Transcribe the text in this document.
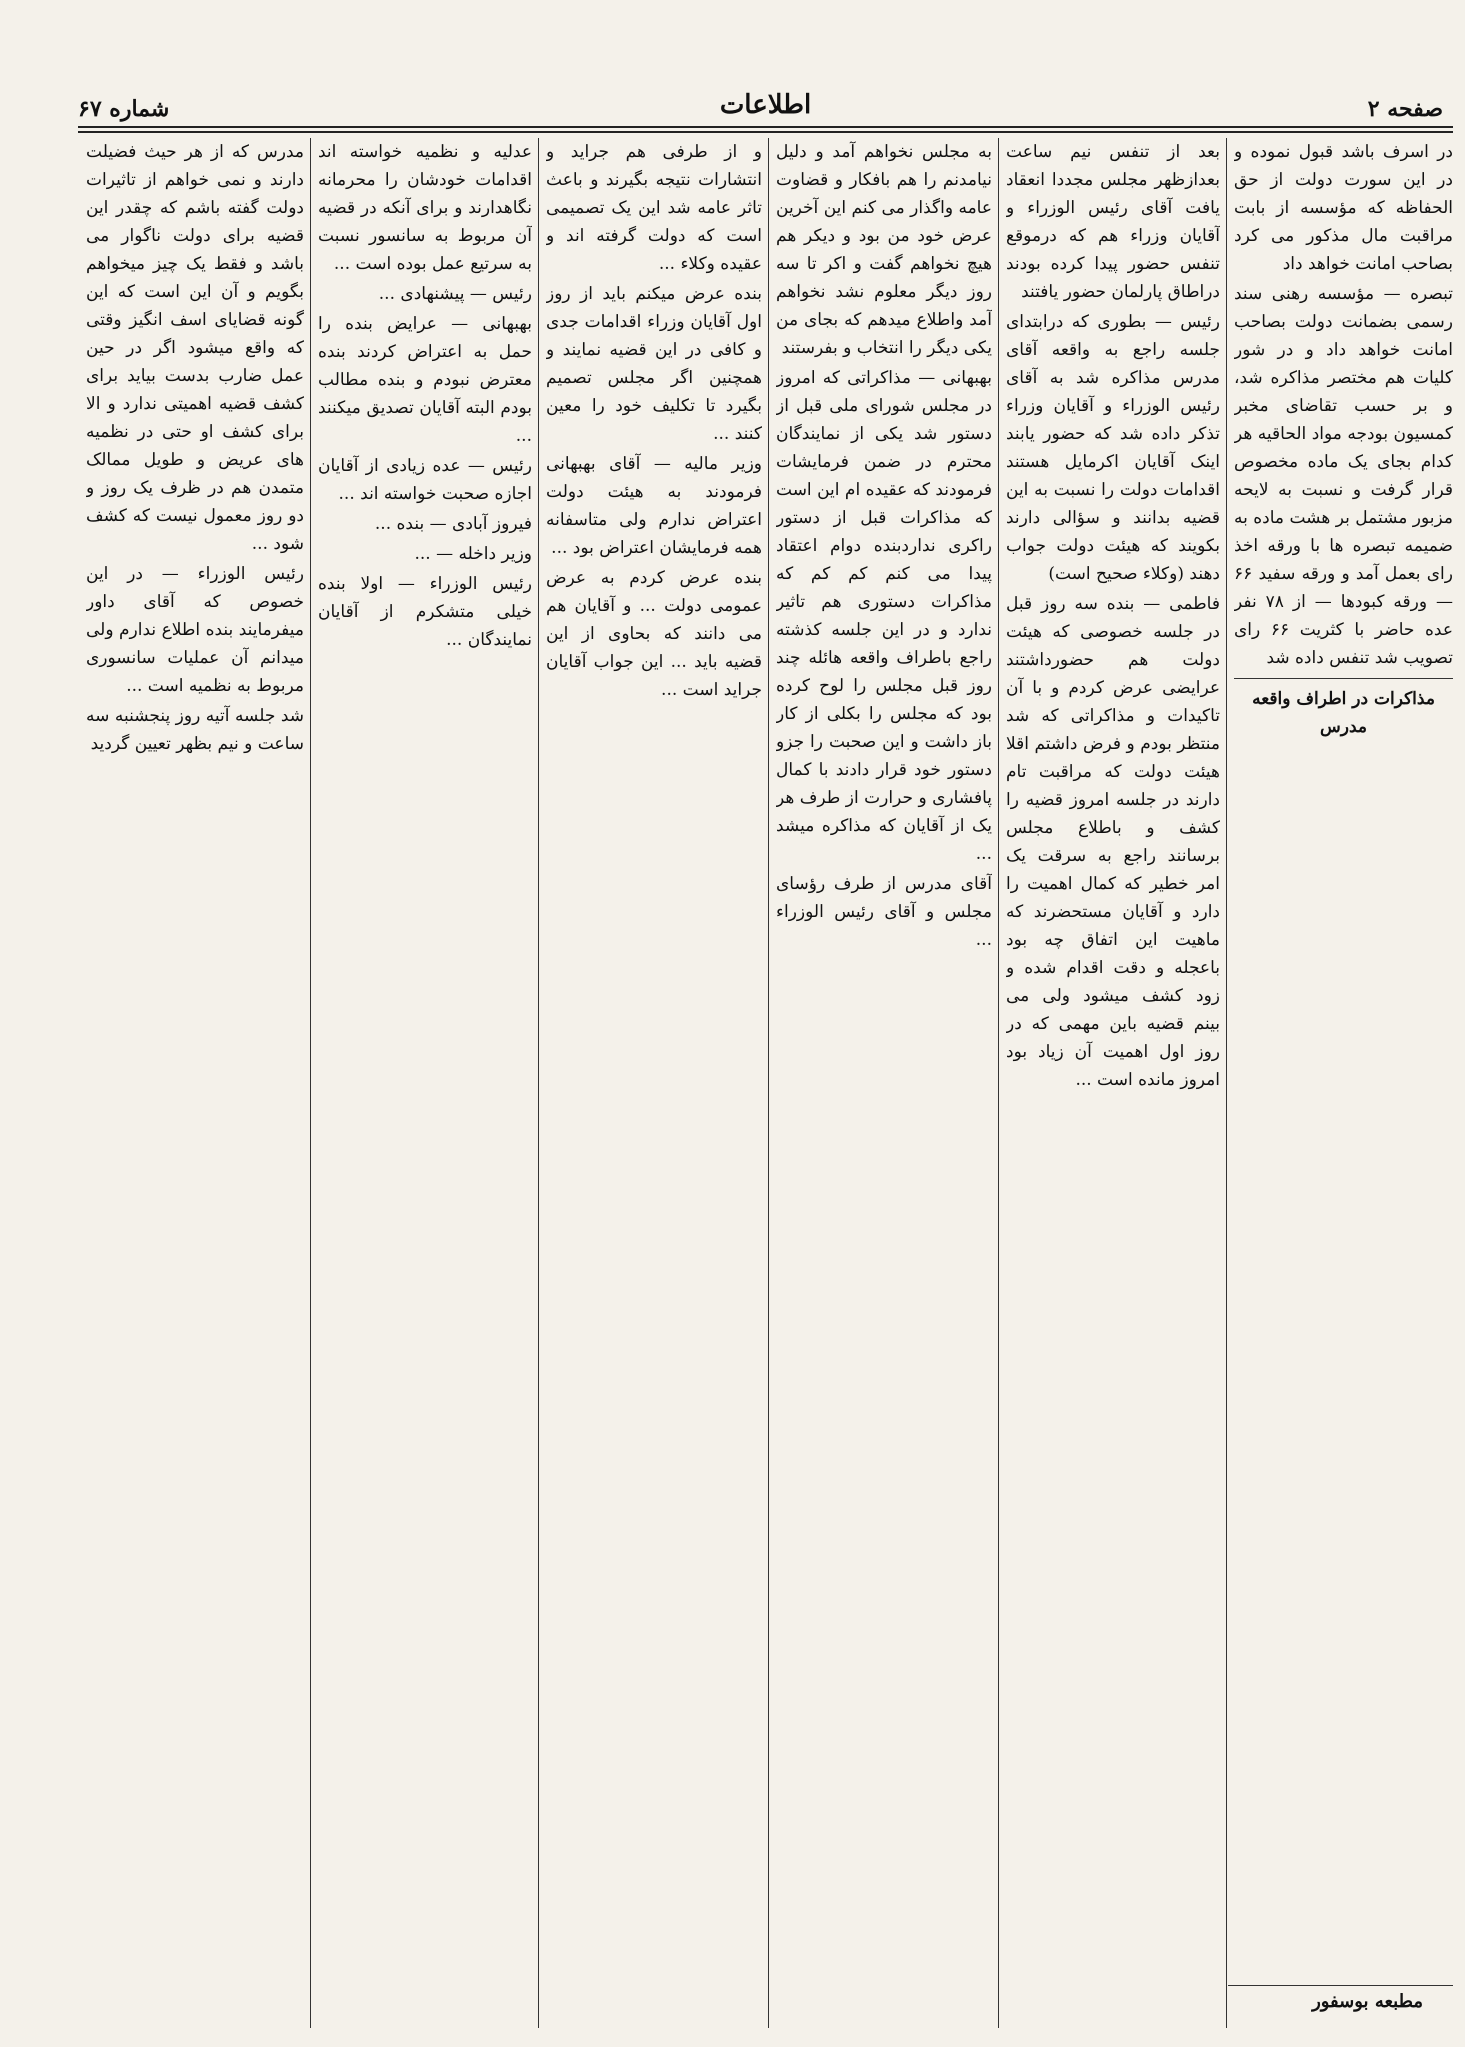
صفحه ۲
اطلاعات
شماره ۶۷

در اسرف باشد قبول نموده و در این سورت دولت از حق الحفاظه که مؤسسه از بابت مراقبت مال مذکور می کرد بصاحب امانت خواهد داد

تبصره — مؤسسه رهنی سند رسمی بضمانت دولت بصاحب امانت خواهد داد و در شور کلیات هم مختصر مذاکره شد، و بر حسب تقاضای مخبر کمسیون بودجه مواد الحاقیه هر کدام بجای یک ماده مخصوص قرار گرفت و نسبت به لایحه مزبور مشتمل بر هشت ماده به ضمیمه تبصره ها با ورقه اخذ رای بعمل آمد و ورقه سفید ۶۶ — ورقه کبودها — از ۷۸ نفر عده حاضر با کثریت ۶۶ رای تصویب شد تنفس داده شد

مذاکرات در اطراف واقعه مدرس

بعد از تنفس نیم ساعت بعدازظهر مجلس مجددا انعقاد یافت آقای رئیس الوزراء و آقایان وزراء هم که درموقع تنفس حضور پیدا کرده بودند دراطاق پارلمان حضور یافتند

رئیس — بطوری که درابتدای جلسه راجع به واقعه آقای مدرس مذاکره شد به آقای رئیس الوزراء و آقایان وزراء تذکر داده شد که حضور یابند اینک آقایان اکرمایل هستند اقدامات دولت را نسبت به این قضیه بدانند و سؤالی دارند بکویند که هیئت دولت جواب دهند (وکلاء صحیح است)

فاطمی — بنده سه روز قبل در جلسه خصوصی که هیئت دولت هم حضورداشتند عرایضی عرض کردم و با آن تاکیدات و مذاکراتی که شد منتظر بودم و فرض داشتم اقلا هیئت دولت که مراقبت تام دارند در جلسه امروز قضیه را کشف و باطلاع مجلس برسانند راجع به سرقت یک امر خطیر که کمال اهمیت را دارد و آقایان مستحضرند که ماهیت این اتفاق چه بود باعجله و دقت اقدام شده و زود کشف میشود ولی می بینم قضیه باین مهمی که در روز اول اهمیت آن زیاد بود امروز مانده است ...

به مجلس نخواهم آمد و دلیل نیامدنم را هم بافکار و قضاوت عامه واگذار می کنم این آخرین عرض خود من بود و دیکر هم هیچ نخواهم گفت و اکر تا سه روز دیگر معلوم نشد نخواهم آمد واطلاع میدهم که بجای من یکی دیگر را انتخاب و بفرستند

بهبهانی — مذاکراتی که امروز در مجلس شورای ملی قبل از دستور شد یکی از نمایندگان محترم در ضمن فرمایشات فرمودند که عقیده ام این است که مذاکرات قبل از دستور راکری نداردبنده دوام اعتقاد پیدا می کنم کم کم که مذاکرات دستوری هم تاثیر ندارد و در این جلسه کذشته راجع باطراف واقعه هائله چند روز قبل مجلس را لوح کرده بود که مجلس را بکلی از کار باز داشت و این صحبت را جزو دستور خود قرار دادند با کمال پافشاری و حرارت از طرف هر یک از آقایان که مذاکره میشد ...

آقای مدرس از طرف رؤسای مجلس و آقای رئیس الوزراء ...

و از طرفی هم جراید و انتشارات نتیجه بگیرند و باعث تاثر عامه شد این یک تصمیمی است که دولت گرفته اند و عقیده وکلاء ...

بنده عرض میکنم باید از روز اول آقایان وزراء اقدامات جدی و کافی در این قضیه نمایند و همچنین اگر مجلس تصمیم بگیرد تا تکلیف خود را معین کنند ...

وزیر مالیه — آقای بهبهانی فرمودند به هیئت دولت اعتراض ندارم ولی متاسفانه همه فرمایشان اعتراض بود ...

بنده عرض کردم به عرض عمومی دولت ... و آقایان هم می دانند که بحاوی از این قضیه باید ... این جواب آقایان جراید است ...

عدلیه و نظمیه خواسته اند اقدامات خودشان را محرمانه نگاهدارند و برای آنکه در قضیه آن مربوط به سانسور نسبت به سرتیع عمل بوده است ...

رئیس — پیشنهادی ...

بهبهانی — عرایض بنده را حمل به اعتراض کردند بنده معترض نبودم و بنده مطالب بودم البته آقایان تصدیق میکنند ...

رئیس — عده زیادی از آقایان اجازه صحبت خواسته اند ...

فیروز آبادی — بنده ...

وزیر داخله — ...

رئیس الوزراء — اولا بنده خیلی متشکرم از آقایان نمایندگان ...

مدرس که از هر حیث فضیلت دارند و نمی خواهم از تاثیرات دولت گفته باشم که چقدر این قضیه برای دولت ناگوار می باشد و فقط یک چیز میخواهم بگویم و آن این است که این گونه قضایای اسف انگیز وقتی که واقع میشود اگر در حین عمل ضارب بدست بیاید برای کشف قضیه اهمیتی ندارد و الا برای کشف او حتی در نظمیه های عریض و طویل ممالک متمدن هم در ظرف یک روز و دو روز معمول نیست که کشف شود ...

رئیس الوزراء — در این خصوص که آقای داور میفرمایند بنده اطلاع ندارم ولی میدانم آن عملیات سانسوری مربوط به نظمیه است ...

شد جلسه آتیه روز پنجشنبه سه ساعت و نیم بظهر تعیین گردید

مطبعه بوسفور
